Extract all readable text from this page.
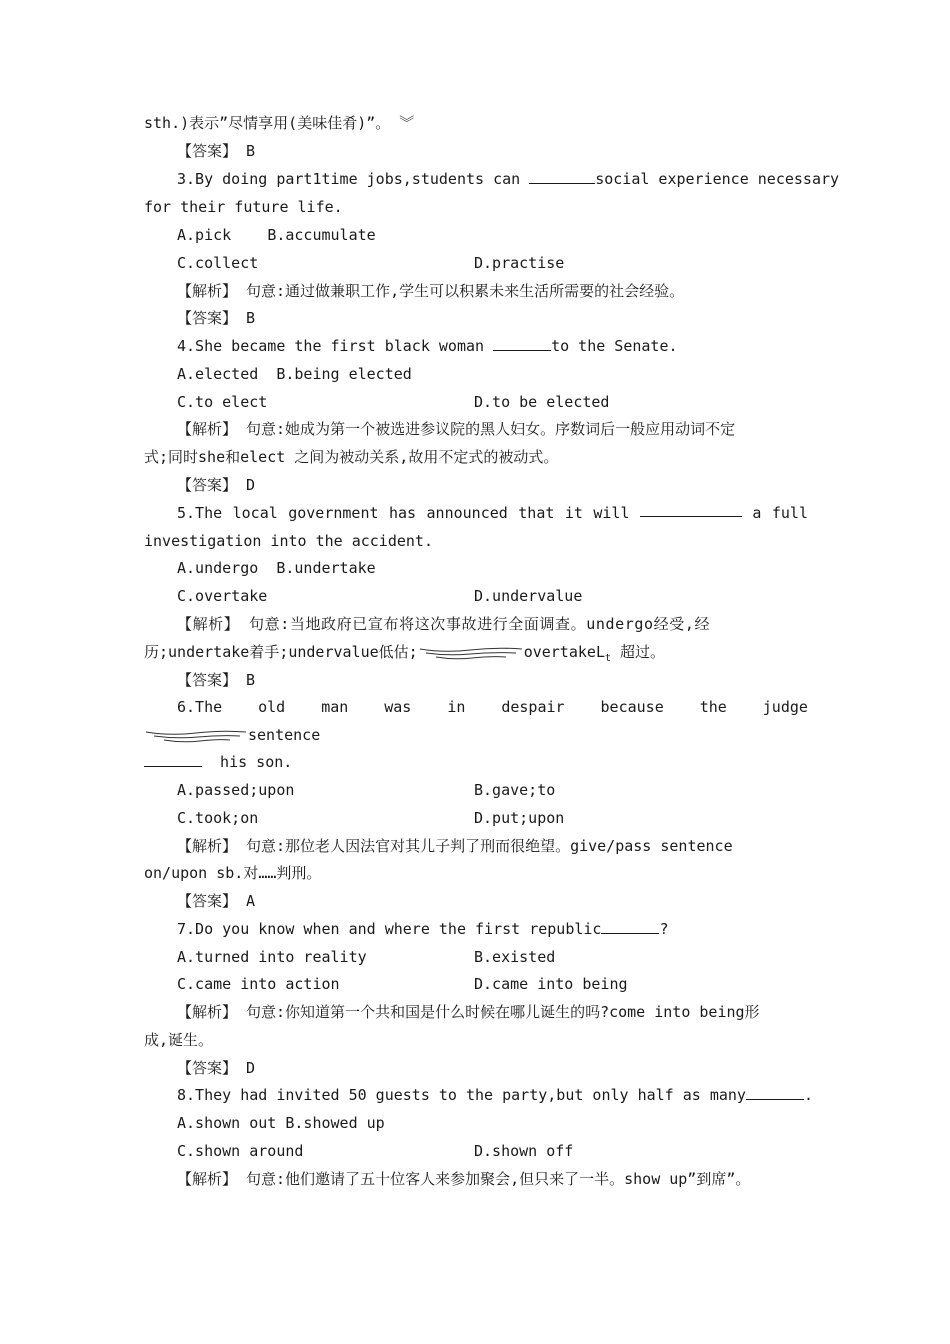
sth.)表示”尽情享用(美味佳肴)”。 ︾
【答案】 B
3.By doing part1time jobs,students can	social experience necessary
for their future life.
A.pick B.accumulate
C.collect	D.practise
【解析】 句意:通过做兼职工作,学生可以积累未来生活所需要的社会经验。
【答案】 B
4.She became the first black woman	to the Senate.
A.elected B.being elected
C.to elect	D.to be elected
【解析】 句意:她成为第一个被选进参议院的黑人妇女。序数词后一般应用动词不定
式;同时she和elect 之间为被动关系,故用不定式的被动式。
【答案】 D
5.The local government has announced that it will	a full
investigation into the accident.
A.undergo B.undertake
C.overtake	D.undervalue
【解析】 句意:当地政府已宣布将这次事故进行全面调查。undergo经受,经
历;undertake着手;undervalue低估;	overtakeL$_t$ 超过。
【答案】 B
6.The old man was in despair because the judge
sentence
his son.
A.passed;upon	B.gave;to
C.took;on	D.put;upon
【解析】 句意:那位老人因法官对其儿子判了刑而很绝望。give/pass sentence
on/upon sb.对……判刑。
【答案】 A
7.Do you know when and where the first republic	?
A.turned into reality	B.existed
C.came into action	D.came into being
【解析】 句意:你知道第一个共和国是什么时候在哪儿诞生的吗?come into being形
成,诞生。
【答案】 D
8.They had invited 50 guests to the party,but only half as many	.
A.shown out B.showed up
C.shown around	D.shown off
【解析】 句意:他们邀请了五十位客人来参加聚会,但只来了一半。show up”到席”。
